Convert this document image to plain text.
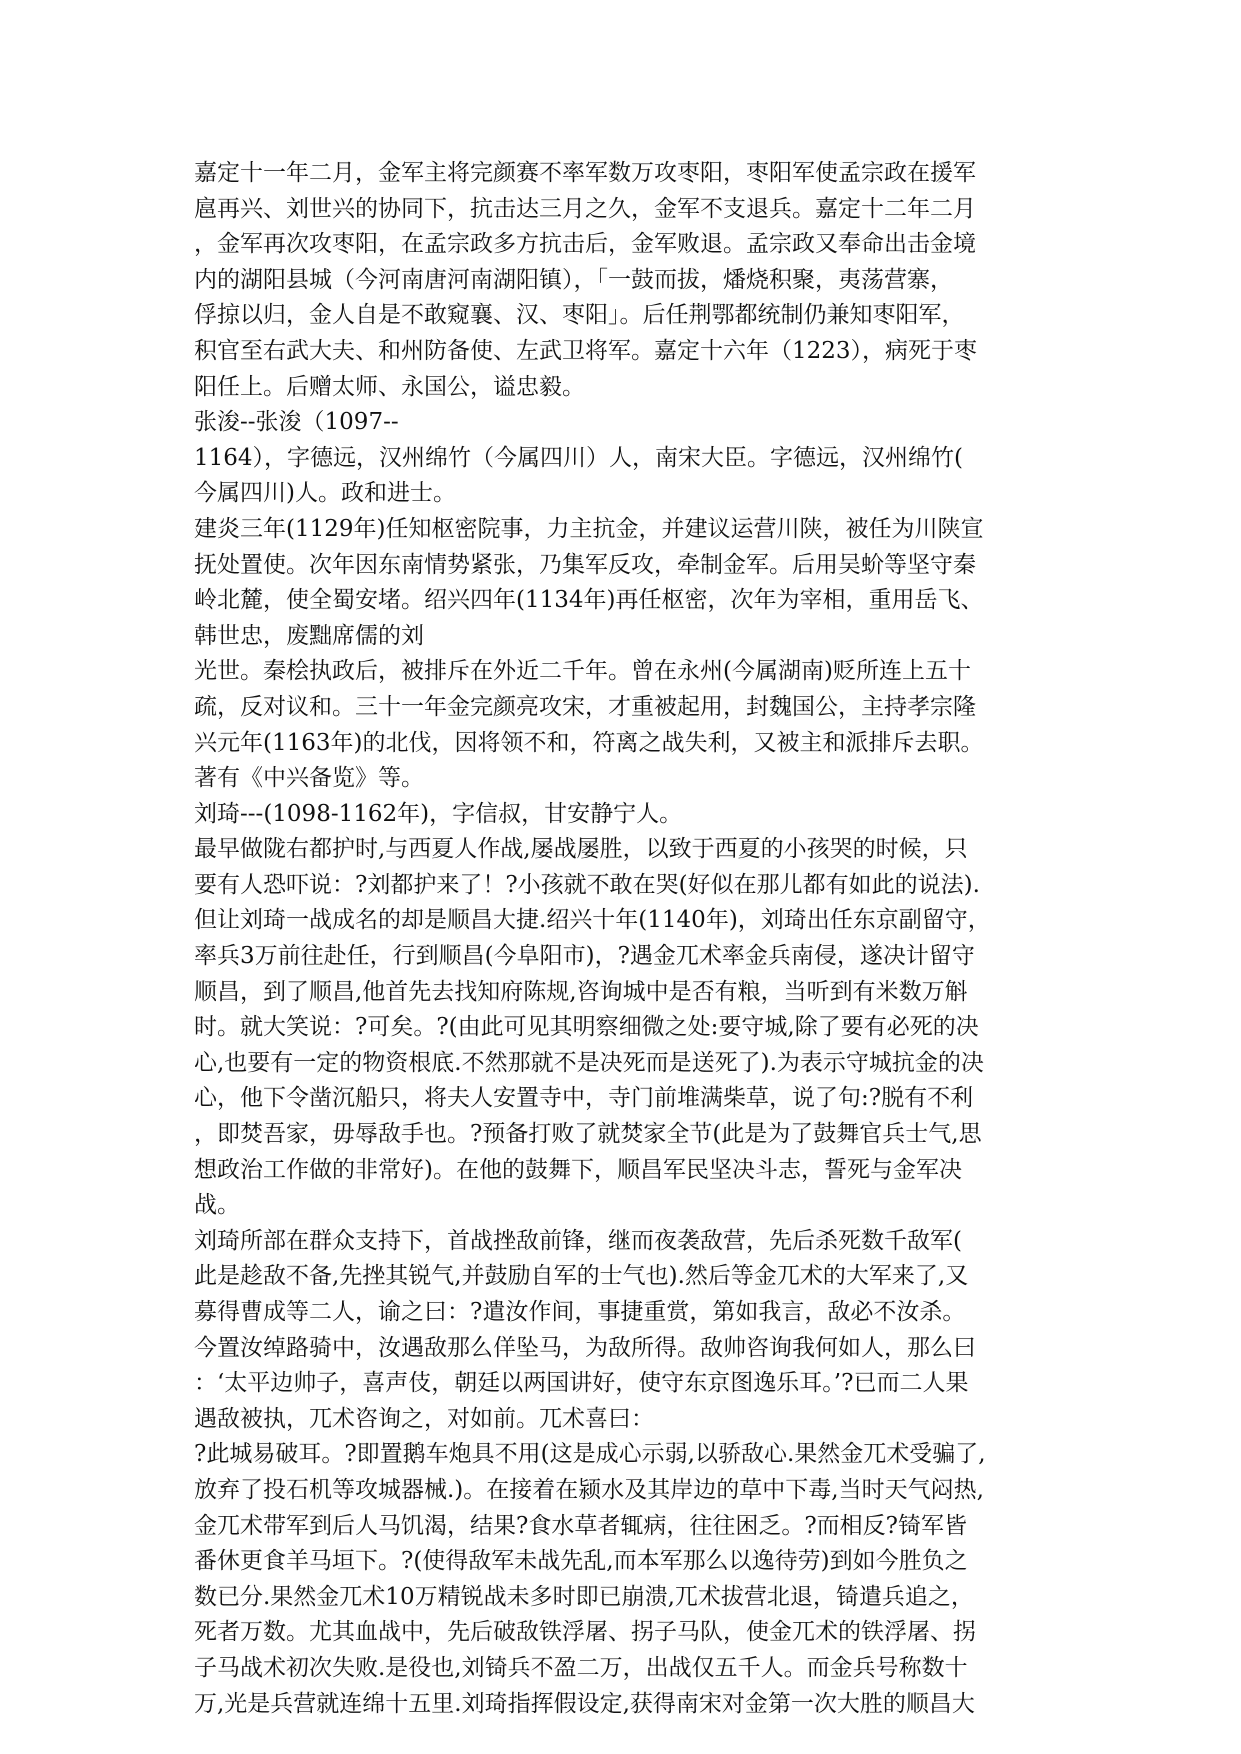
嘉定十一年二月，金军主将完颜赛不率军数万攻枣阳，枣阳军使孟宗政在援军
扈再兴、刘世兴的协同下，抗击达三月之久，金军不支退兵。嘉定十二年二月
，金军再次攻枣阳，在孟宗政多方抗击后，金军败退。孟宗政又奉命出击金境
内的湖阳县城（今河南唐河南湖阳镇），「一鼓而拔，燔烧积聚，夷荡营寨，
俘掠以归，金人自是不敢窥襄、汉、枣阳」。后任荆鄂都统制仍兼知枣阳军，
积官至右武大夫、和州防备使、左武卫将军。嘉定十六年（1223），病死于枣
阳任上。后赠太师、永国公，谥忠毅。
张浚--张浚（1097--
1164），字德远，汉州绵竹（今属四川）人，南宋大臣。字德远，汉州绵竹(
今属四川)人。政和进士。
建炎三年(1129年)任知枢密院事，力主抗金，并建议运营川陕，被任为川陕宣
抚处置使。次年因东南情势紧张，乃集军反攻，牵制金军。后用吴蚧等坚守秦
岭北麓，使全蜀安堵。绍兴四年(1134年)再任枢密，次年为宰相，重用岳飞、
韩世忠，废黜席儒的刘
光世。秦桧执政后，被排斥在外近二千年。曾在永州(今属湖南)贬所连上五十
疏，反对议和。三十一年金完颜亮攻宋，才重被起用，封魏国公，主持孝宗隆
兴元年(1163年)的北伐，因将领不和，符离之战失利，又被主和派排斥去职。
著有《中兴备览》等。
刘琦---(1098-1162年)，字信叔，甘安静宁人。
最早做陇右都护时,与西夏人作战,屡战屡胜，以致于西夏的小孩哭的时候，只
要有人恐吓说：?刘都护来了！?小孩就不敢在哭(好似在那儿都有如此的说法).
但让刘琦一战成名的却是顺昌大捷.绍兴十年(1140年)，刘琦出任东京副留守，
率兵3万前往赴任，行到顺昌(今阜阳市)，?遇金兀术率金兵南侵，遂决计留守
顺昌，到了顺昌,他首先去找知府陈规,咨询城中是否有粮，当听到有米数万斛
时。就大笑说：?可矣。?(由此可见其明察细微之处:要守城,除了要有必死的决
心,也要有一定的物资根底.不然那就不是决死而是送死了).为表示守城抗金的决
心，他下令凿沉船只，将夫人安置寺中，寺门前堆满柴草，说了句:?脱有不利
，即焚吾家，毋辱敌手也。?预备打败了就焚家全节(此是为了鼓舞官兵士气,思
想政治工作做的非常好)。在他的鼓舞下，顺昌军民坚决斗志，誓死与金军决
战。
刘琦所部在群众支持下，首战挫敌前锋，继而夜袭敌营，先后杀死数千敌军(
此是趁敌不备,先挫其锐气,并鼓励自军的士气也).然后等金兀术的大军来了,又
募得曹成等二人，谕之曰：?遣汝作间，事捷重赏，第如我言，敌必不汝杀。
今置汝绰路骑中，汝遇敌那么佯坠马，为敌所得。敌帅咨询我何如人，那么曰
：‘太平边帅子，喜声伎，朝廷以两国讲好，使守东京图逸乐耳。’?已而二人果
遇敌被执，兀术咨询之，对如前。兀术喜曰：
?此城易破耳。?即置鹅车炮具不用(这是成心示弱,以骄敌心.果然金兀术受骗了,
放弃了投石机等攻城器械.)。在接着在颍水及其岸边的草中下毒,当时天气闷热,
金兀术带军到后人马饥渴，结果?食水草者辄病，往往困乏。?而相反?锜军皆
番休更食羊马垣下。?(使得敌军未战先乱,而本军那么以逸待劳)到如今胜负之
数已分.果然金兀术10万精锐战未多时即已崩溃,兀术拔营北退，锜遣兵追之，
死者万数。尤其血战中，先后破敌铁浮屠、拐子马队，使金兀术的铁浮屠、拐
子马战术初次失败.是役也,刘锜兵不盈二万，出战仅五千人。而金兵号称数十
万,光是兵营就连绵十五里.刘琦指挥假设定,获得南宋对金第一次大胜的顺昌大
